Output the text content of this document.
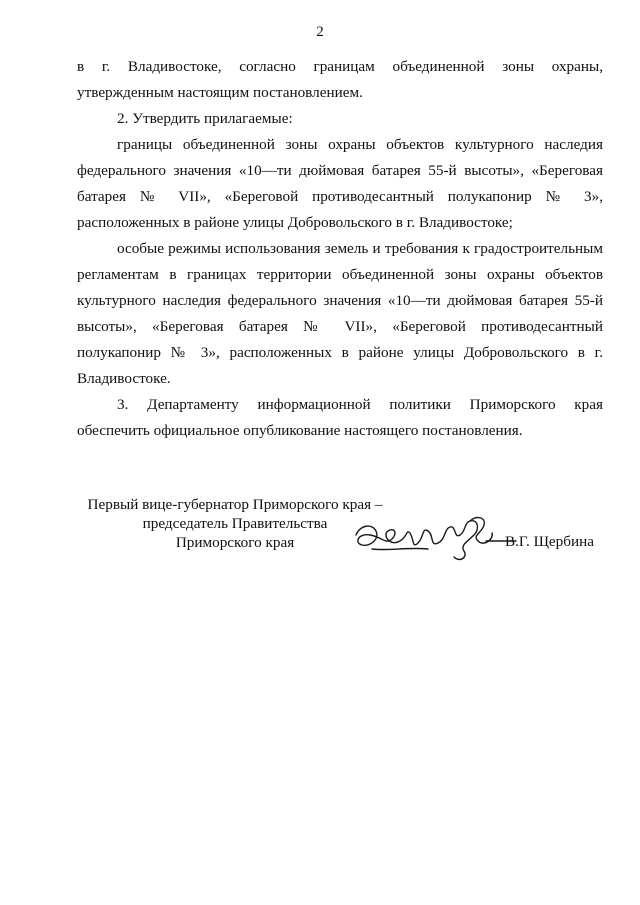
2

в г. Владивостоке, согласно границам объединенной зоны охраны, утвержденным настоящим постановлением.

2. Утвердить прилагаемые:

границы объединенной зоны охраны объектов культурного наследия федерального значения «10—ти дюймовая батарея 55-й высоты», «Береговая батарея № VII», «Береговой противодесантный полукапонир № 3», расположенных в районе улицы Добровольского в г. Владивостоке;

особые режимы использования земель и требования к градостроительным регламентам в границах территории объединенной зоны охраны объектов культурного наследия федерального значения «10—ти дюймовая батарея 55-й высоты», «Береговая батарея № VII», «Береговой противодесантный полукапонир № 3», расположенных в районе улицы Добровольского в г. Владивостоке.

3. Департаменту информационной политики Приморского края обеспечить официальное опубликование настоящего постановления.

Первый вице-губернатор Приморского края –
председатель Правительства
Приморского края	В.Г. Щербина
